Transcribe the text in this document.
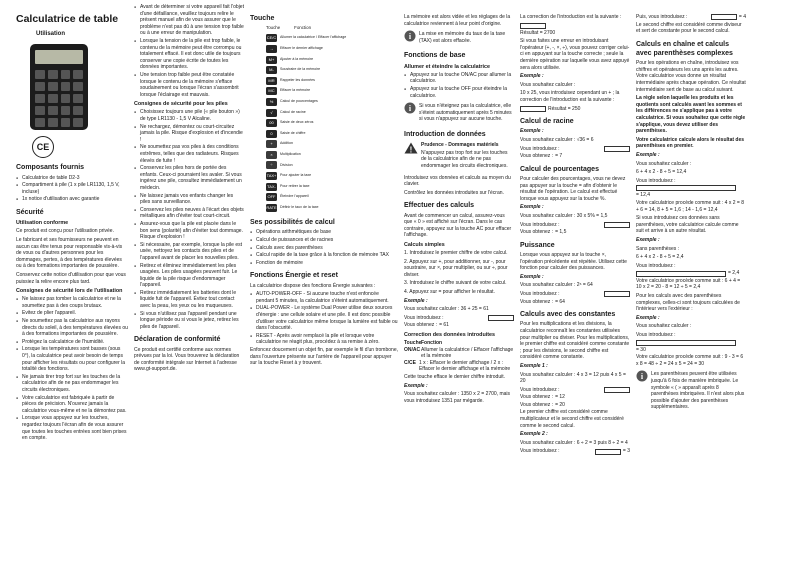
Calculatrice de table
Utilisation
CE
Composants fournis
● Calculatrice de table D2-3
● Compartiment à pile (1 x pile LR1130, 1,5 V, incluse)
● 1x notice d'utilisation avec garantie
Sécurité
Utilisation conforme

Ce produit est conçu pour l'utilisation privée.

Le fabricant et ses fournisseurs ne peuvent en aucun cas être tenus pour responsable vis-à-vis de vous ou d'autres personnes pour les dommages, pertes, à des températures élevées ou à des formations importantes de poussière.

Conservez cette notice d'utilisation pour que vous puissiez la relire encore plus tard.

Consignes de sécurité lors de l'utilisation
● Ne laissez pas tomber la calculatrice et ne la soumettez pas à des coups brutaux.
● Evitez de plier l'appareil.
● Ne soumettez pas la calculatrice aux rayons directs du soleil, à des températures élevées ou à des formations importantes de poussière.
● Protégez la calculatrice de l'humidité.
● Lorsque les températures sont basses (sous 0°), la calculatrice peut avoir besoin de temps pour afficher les résultats ou pour configurer la totalité des fonctions.
● Ne jamais tirer trop fort sur les touches de la calculatrice afin de ne pas endommager les circuits électroniques.
● Votre calculatrice est fabriquée à partir de pièces de précision. N'ouvrez jamais la calculatrice vous-même et ne la démontez pas.
● Lorsque vous appuyez sur les touches, regardez toujours l'écran afin de vous assurer que toutes les touches entrées sont bien prises en compte.
● Avant de déterminer si votre appareil fait l'objet d'une défaillance, veuillez toujours relire le présent manuel afin de vous assurer que le problème n'est pas dû à une tension trop faible ou à une erreur de manipulation.
● Lorsque la tension de la pile est trop faible, le contenu de la mémoire peut être corrompu ou totalement effacé. Il est donc utile de toujours conserver une copie écrite de toutes les données importantes.
● Une tension trop faible peut être constatée lorsque le contenu de la mémoire s'efface soudainement ou lorsque l'écran s'assombrit lorsque l'éclairage est mauvais.
Consignes de sécurité pour les piles
● Choisissez toujours une pile (« pile bouton ») de type LR1130 - 1,5 V Alcaline.
● Ne rechargez, démontez ou court-circuitez jamais la pile. Risque d'explosion et d'incendie !
● Ne soumettez pas vos piles à des conditions extrêmes, telles que des radiateurs. Risques élevés de fuite !
● Conservez les piles hors de portée des enfants. Ceux-ci pourraient les avaler. Si vous ingérez une pile, consultez immédiatement un médecin.
● Ne laissez jamais vos enfants changer les piles sans surveillance.
● Conservez les piles neuves à l'écart des objets métalliques afin d'éviter tout court-circuit.
● Assurez-vous que la pile est placée dans le bon sens (polarité) afin d'éviter tout dommage. Risque d'explosion !
● Si nécessaire, par exemple, lorsque la pile est usée, nettoyez les contacts des piles et de l'appareil avant de placer les nouvelles piles.
● Retirez et éliminez immédiatement les piles usagées. Les piles usagées peuvent fuir. Le liquide de la pile risque d'endommager l'appareil.
● Retirez immédiatement les batteries dont le liquide fuit de l'appareil. Évitez tout contact avec la peau, les yeux ou les muqueuses.
● Si vous n'utilisez pas l'appareil pendant une longue période ou si vous le jetez, retirez les piles de l'appareil.
Déclaration de conformité

Ce produit est certifié conforme aux normes prévues par la loi. Vous trouverez la déclaration de conformité intégrale sur Internet à l'adresse www.gt-support.de.

Touche
Touche	Fonction
CE/C Allumer la calculatrice / Effacer l'affichage
→	Effacer le dernier affichage
M+	Ajouter à la mémoire
M-	Soustraire de la mémoire
MR	Rappeler les données
MC	Effacer la mémoire
%	Calcul de pourcentages
√	Calcul de racine
00	Saisie de deux zéros
0	Saisie de chiffre
+	Addition
×	Multiplication
÷	Division
TAX+ Pour ajouter la taxe
TAX-	Pour retirer la taxe
OFF	Éteindre l'appareil
RATE Définir le taux de la taxe
Ses possibilités de calcul
● Opérations arithmétiques de base
● Calcul de puissances et de racines
● Calculs avec des parenthèses
● Calcul rapide de la taxe grâce à la fonction de mémoire TAX
● Fonction de mémoire
Fonctions Énergie et reset

La calculatrice dispose des fonctions Énergie suivantes :

● AUTO-POWER-OFF - Si aucune touche n'est enfoncée pendant 5 minutes, la calculatrice s'éteint automatiquement.
● DUAL-POWER - Le système Dual Power utilise deux sources d'énergie : une cellule solaire et une pile. Il est donc possible d'utiliser votre calculatrice même lorsque la lumière est faible ou dans l'obscurité.
● RESET - Après avoir remplacé la pile et lorsque votre calculatrice ne réagit plus, procédez à sa remise à zéro.

Enfoncez doucement un objet fin, par exemple le fil d'un trombone, dans l'ouverture présente sur l'arrière de l'appareil pour appuyer sur la touche Reset à y trouvent.

La mémoire est alors vidée et les réglages de la calculatrice reviennent à leur point d'origine.

i La mise en mémoire du taux de la taxe (TAX) est alors effacée.

Fonctions de base
Allumer et éteindre la calculatrice
● Appuyez sur la touche ON/AC pour allumer la calculatrice.
● Appuyez sur la touche OFF pour éteindre la calculatrice.
i Si vous n'éteignez pas la calculatrice, elle s'éteint automatiquement après 5 minutes si vous n'appuyez sur aucune touche.

Introduction de données
!

Prudence - Dommages matériels

N'appuyez pas trop fort sur les touches de la calculatrice afin de ne pas endommager les circuits électroniques.

Introduisez vos données et calculs au moyen du clavier.

Contrôlez les données introduites sur l'écran.

Effectuer des calculs

Avant de commencer un calcul, assurez-vous que « 0 » est affiché sur l'écran. Dans le cas contraire, appuyez sur la touche AC pour effacer l'affichage.

Calculs simples

1. Introduisez le premier chiffre de votre calcul.

2. Appuyez sur +, pour additionner, sur -, pour soustraire, sur ×, pour multiplier, ou sur ÷, pour diviser.

3. Introduisez le chiffre suivant de votre calcul.

4. Appuyez sur = pour afficher le résultat.

Exemple :

Vous souhaitez calculer : 36 + 25 = 61

Vous introduisez :
Vous obtenez : = 61
Correction des données introduites
Touche Fonction
ON/AC Allumer la calculatrice / Effacer l'affichage et la mémoire
C/CE 1 x : Effacer le dernier affichage / 2 x : Effacer le dernier affichage et la mémoire

Cette touche efface le dernier chiffre introduit.

Exemple :

Vous souhaitez calculer : 1350 x 2 = 2700, mais vous introduisez 1351 par mégarde.

La correction de l'introduction est la suivante :

Résultat = 2700

Si vous faites une erreur en introduisant l'opérateur (+, -, ×, ÷), vous pouvez corriger celui-ci en appuyant sur la touche correcte ; seule la dernière opération sur laquelle vous avez appuyé sera alors utilisée.

Exemple :

Vous souhaitez calculer :

10 x 25, vous introduisez cependant un + ; la correction de l'introduction est la suivante :

Résultat = 250
Calcul de racine

Exemple :

Vous souhaitez calculer : √36 = 6

Vous introduisez :
Vous obtenez : = 7
Calcul de pourcentages

Pour calculer des pourcentages, vous ne devez pas appuyer sur la touche = afin d'obtenir le résultat de l'opération. Le calcul est effectué lorsque vous appuyez sur la touche %.

Exemple :

Vous souhaitez calculer : 30 x 5% = 1,5

Vous introduisez :
Vous obtenez : = 1,5
Puissance

Lorsque vous appuyez sur la touche ×, l'opération précédente est répétée. Utilisez cette fonction pour calculer des puissances.

Exemple :

Vous souhaitez calculer : 2⁶ = 64

Vous introduisez :
Vous obtenez : = 64
Calculs avec des constantes

Pour les multiplications et les divisions, la calculatrice reconnaît les constantes utilisées pour multiplier ou diviser. Pour les multiplications, le premier chiffre est considéré comme constante ; pour les divisions, le second chiffre est considéré comme constante.

Exemple 1 :

Vous souhaitez calculer : 4 x 3 = 12 puis 4 x 5 = 20

Vous introduisez :
Vous obtenez : = 12
Vous obtenez : = 20

Le premier chiffre est considéré comme multiplicateur et le second chiffre est considéré comme le second calcul.

Exemple 2 :

Vous souhaitez calculer : 6 ÷ 2 = 3 puis 8 ÷ 2 = 4

Vous introduisez :	= 3
Puis, vous introduisez :	= 4

Le second chiffre est considéré comme diviseur et sert de constante pour le second calcul.

Calculs en chaîne et calculs avec parenthèses complexes

Pour les opérations en chaîne, introduisez vos chiffres et opérateurs les uns après les autres. Votre calculatrice vous donne un résultat intermédiaire après chaque opération. Ce résultat intermédiaire sert de base au calcul suivant.

La règle selon laquelle les produits et les quotients sont calculés avant les sommes et les différences ne s'applique pas à votre calculatrice. Si vous souhaitez que cette règle s'applique, vous devez utiliser des parenthèses.

Votre calculatrice calcule alors le résultat des parenthèses en premier.

Exemple :

Vous souhaitez calculer :

6 + 4 x 2 - 8 ÷ 5 = 12,4

Vous introduisez :
= 12,4

Votre calculatrice procède comme suit : 4 x 2 = 8 + 6 = 14, 8 + 5 = 1,6 ; 14 - 1,6 = 12,4

Si vous introduisez ces données sans parenthèses, votre calculatrice calcule comme suit et arrive à un autre résultat.

Exemple :

Sans parenthèses :

6 + 4 x 2 - 8 ÷ 5 = 2,4

Vous introduisez :
= 2,4

Votre calculatrice procède comme suit : 6 + 4 = 10 x 2 = 20 - 8 = 12 ÷ 5 = 2,4

Pour les calculs avec des parenthèses complexes, celles-ci sont toujours calculées de l'intérieur vers l'extérieur :

Exemple :

Vous souhaitez calculer :

Vous introduisez :
= 30

Votre calculatrice procède comme suit : 9 - 3 = 6 x 8 = 48 ÷ 2 = 24 x 5 = 24 = 30

i Les parenthèses peuvent être utilisées jusqu'à 6 fois de manière imbriquée. Le symbole « ( » apparaît après 8 parenthèses imbriquées. Il n'est alors plus possible d'ajouter des parenthèses supplémentaires.
